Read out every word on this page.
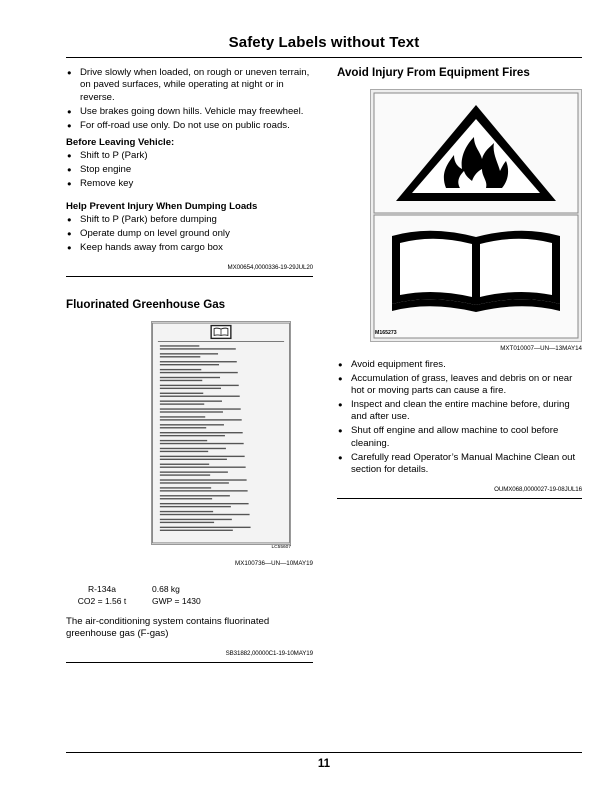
Safety Labels without Text
● Drive slowly when loaded, on rough or uneven terrain, on paved surfaces, while operating at night or in reverse.
● Use brakes going down hills. Vehicle may freewheel.
● For off-road use only. Do not use on public roads.
Before Leaving Vehicle:
● Shift to P (Park)
● Stop engine
● Remove key
Help Prevent Injury When Dumping Loads
● Shift to P (Park) before dumping
● Operate dump on level ground only
● Keep hands away from cargo box
MX00654,0000336-19-29JUL20
Fluorinated Greenhouse Gas
LC55607
MX100736—UN—10MAY19
R-134a	0.68 kg
CO2 = 1.56 t	GWP = 1430
The air-conditioning system contains fluorinated greenhouse gas (F-gas)
SB31882,00000C1-19-10MAY19
Avoid Injury From Equipment Fires
M165273
MXT010007—UN—13MAY14
● Avoid equipment fires.
● Accumulation of grass, leaves and debris on or near hot or moving parts can cause a fire.
● Inspect and clean the entire machine before, during and after use.
● Shut off engine and allow machine to cool before cleaning.
● Carefully read Operator’s Manual Machine Clean out section for details.
OUMX068,0000027-19-08JUL16
11
